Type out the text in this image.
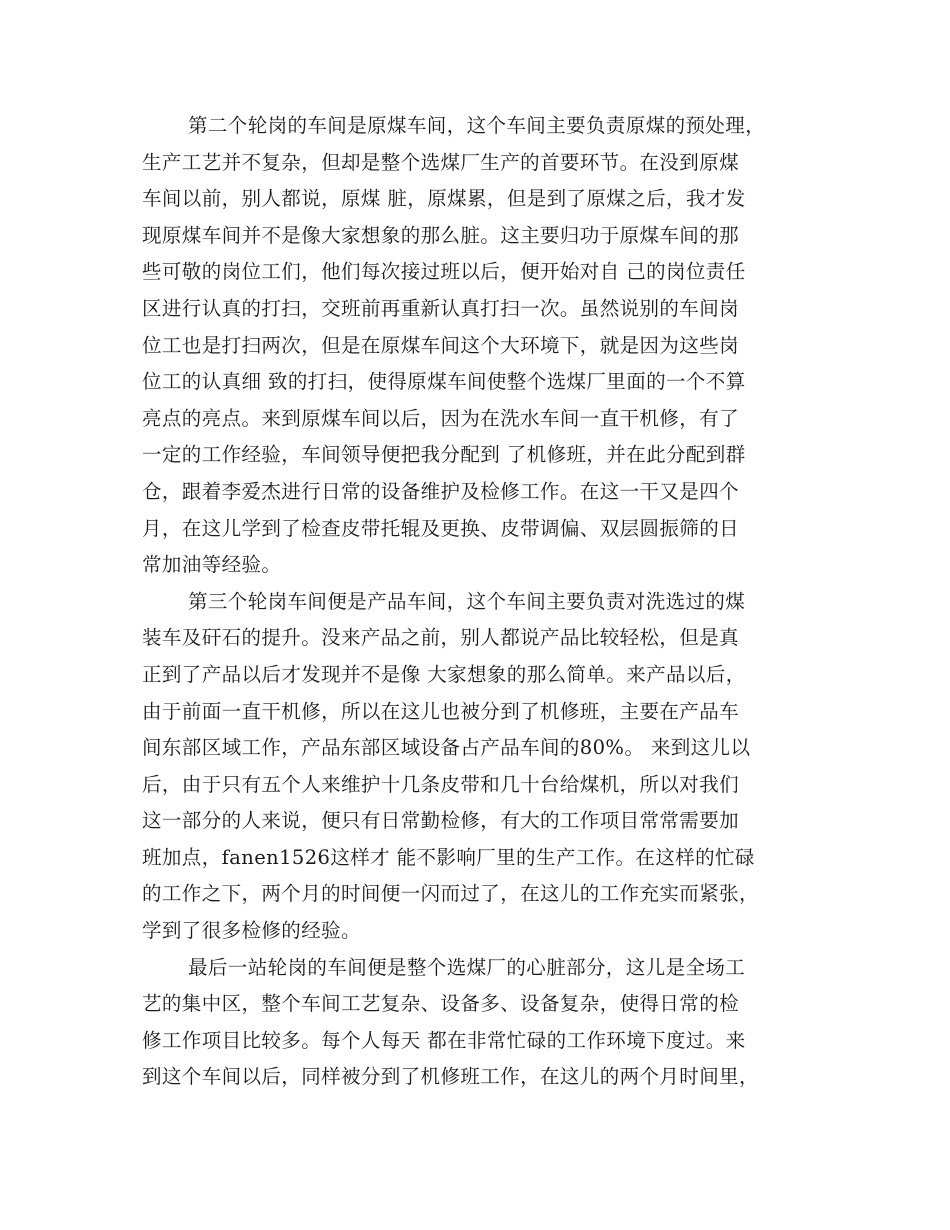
第二个轮岗的车间是原煤车间，这个车间主要负责原煤的预处理，
生产工艺并不复杂，但却是整个选煤厂生产的首要环节。在没到原煤
车间以前，别人都说，原煤 脏，原煤累，但是到了原煤之后，我才发
现原煤车间并不是像大家想象的那么脏。这主要归功于原煤车间的那
些可敬的岗位工们，他们每次接过班以后，便开始对自 己的岗位责任
区进行认真的打扫，交班前再重新认真打扫一次。虽然说别的车间岗
位工也是打扫两次，但是在原煤车间这个大环境下，就是因为这些岗
位工的认真细 致的打扫，使得原煤车间使整个选煤厂里面的一个不算
亮点的亮点。来到原煤车间以后，因为在洗水车间一直干机修，有了
一定的工作经验，车间领导便把我分配到 了机修班，并在此分配到群
仓，跟着李爱杰进行日常的设备维护及检修工作。在这一干又是四个
月，在这儿学到了检查皮带托辊及更换、皮带调偏、双层圆振筛的日
常加油等经验。
第三个轮岗车间便是产品车间，这个车间主要负责对洗选过的煤
装车及矸石的提升。没来产品之前，别人都说产品比较轻松，但是真
正到了产品以后才发现并不是像 大家想象的那么简单。来产品以后，
由于前面一直干机修，所以在这儿也被分到了机修班，主要在产品车
间东部区域工作，产品东部区域设备占产品车间的80%。 来到这儿以
后，由于只有五个人来维护十几条皮带和几十台给煤机，所以对我们
这一部分的人来说，便只有日常勤检修，有大的工作项目常常需要加
班加点，fanen1526这样才 能不影响厂里的生产工作。在这样的忙碌
的工作之下，两个月的时间便一闪而过了，在这儿的工作充实而紧张，
学到了很多检修的经验。
最后一站轮岗的车间便是整个选煤厂的心脏部分，这儿是全场工
艺的集中区，整个车间工艺复杂、设备多、设备复杂，使得日常的检
修工作项目比较多。每个人每天 都在非常忙碌的工作环境下度过。来
到这个车间以后，同样被分到了机修班工作，在这儿的两个月时间里，
